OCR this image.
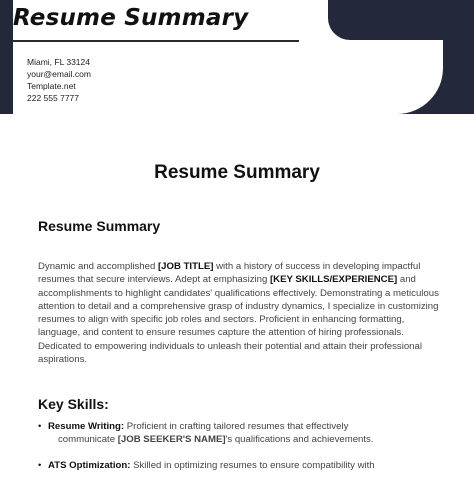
Resume Summary
Miami, FL 33124
your@email.com
Template.net
222 555 7777
Resume Summary
Resume Summary

Dynamic and accomplished [JOB TITLE] with a history of success in developing impactful resumes that secure interviews. Adept at emphasizing [KEY SKILLS/EXPERIENCE] and accomplishments to highlight candidates' qualifications effectively. Demonstrating a meticulous attention to detail and a comprehensive grasp of industry dynamics, I specialize in customizing resumes to align with specific job roles and sectors. Proficient in enhancing formatting, language, and content to ensure resumes capture the attention of hiring professionals. Dedicated to empowering individuals to unleash their potential and attain their professional aspirations.

Key Skills:
• Resume Writing: Proficient in crafting tailored resumes that effectively
communicate [JOB SEEKER'S NAME]'s qualifications and achievements.
• ATS Optimization: Skilled in optimizing resumes to ensure compatibility with
